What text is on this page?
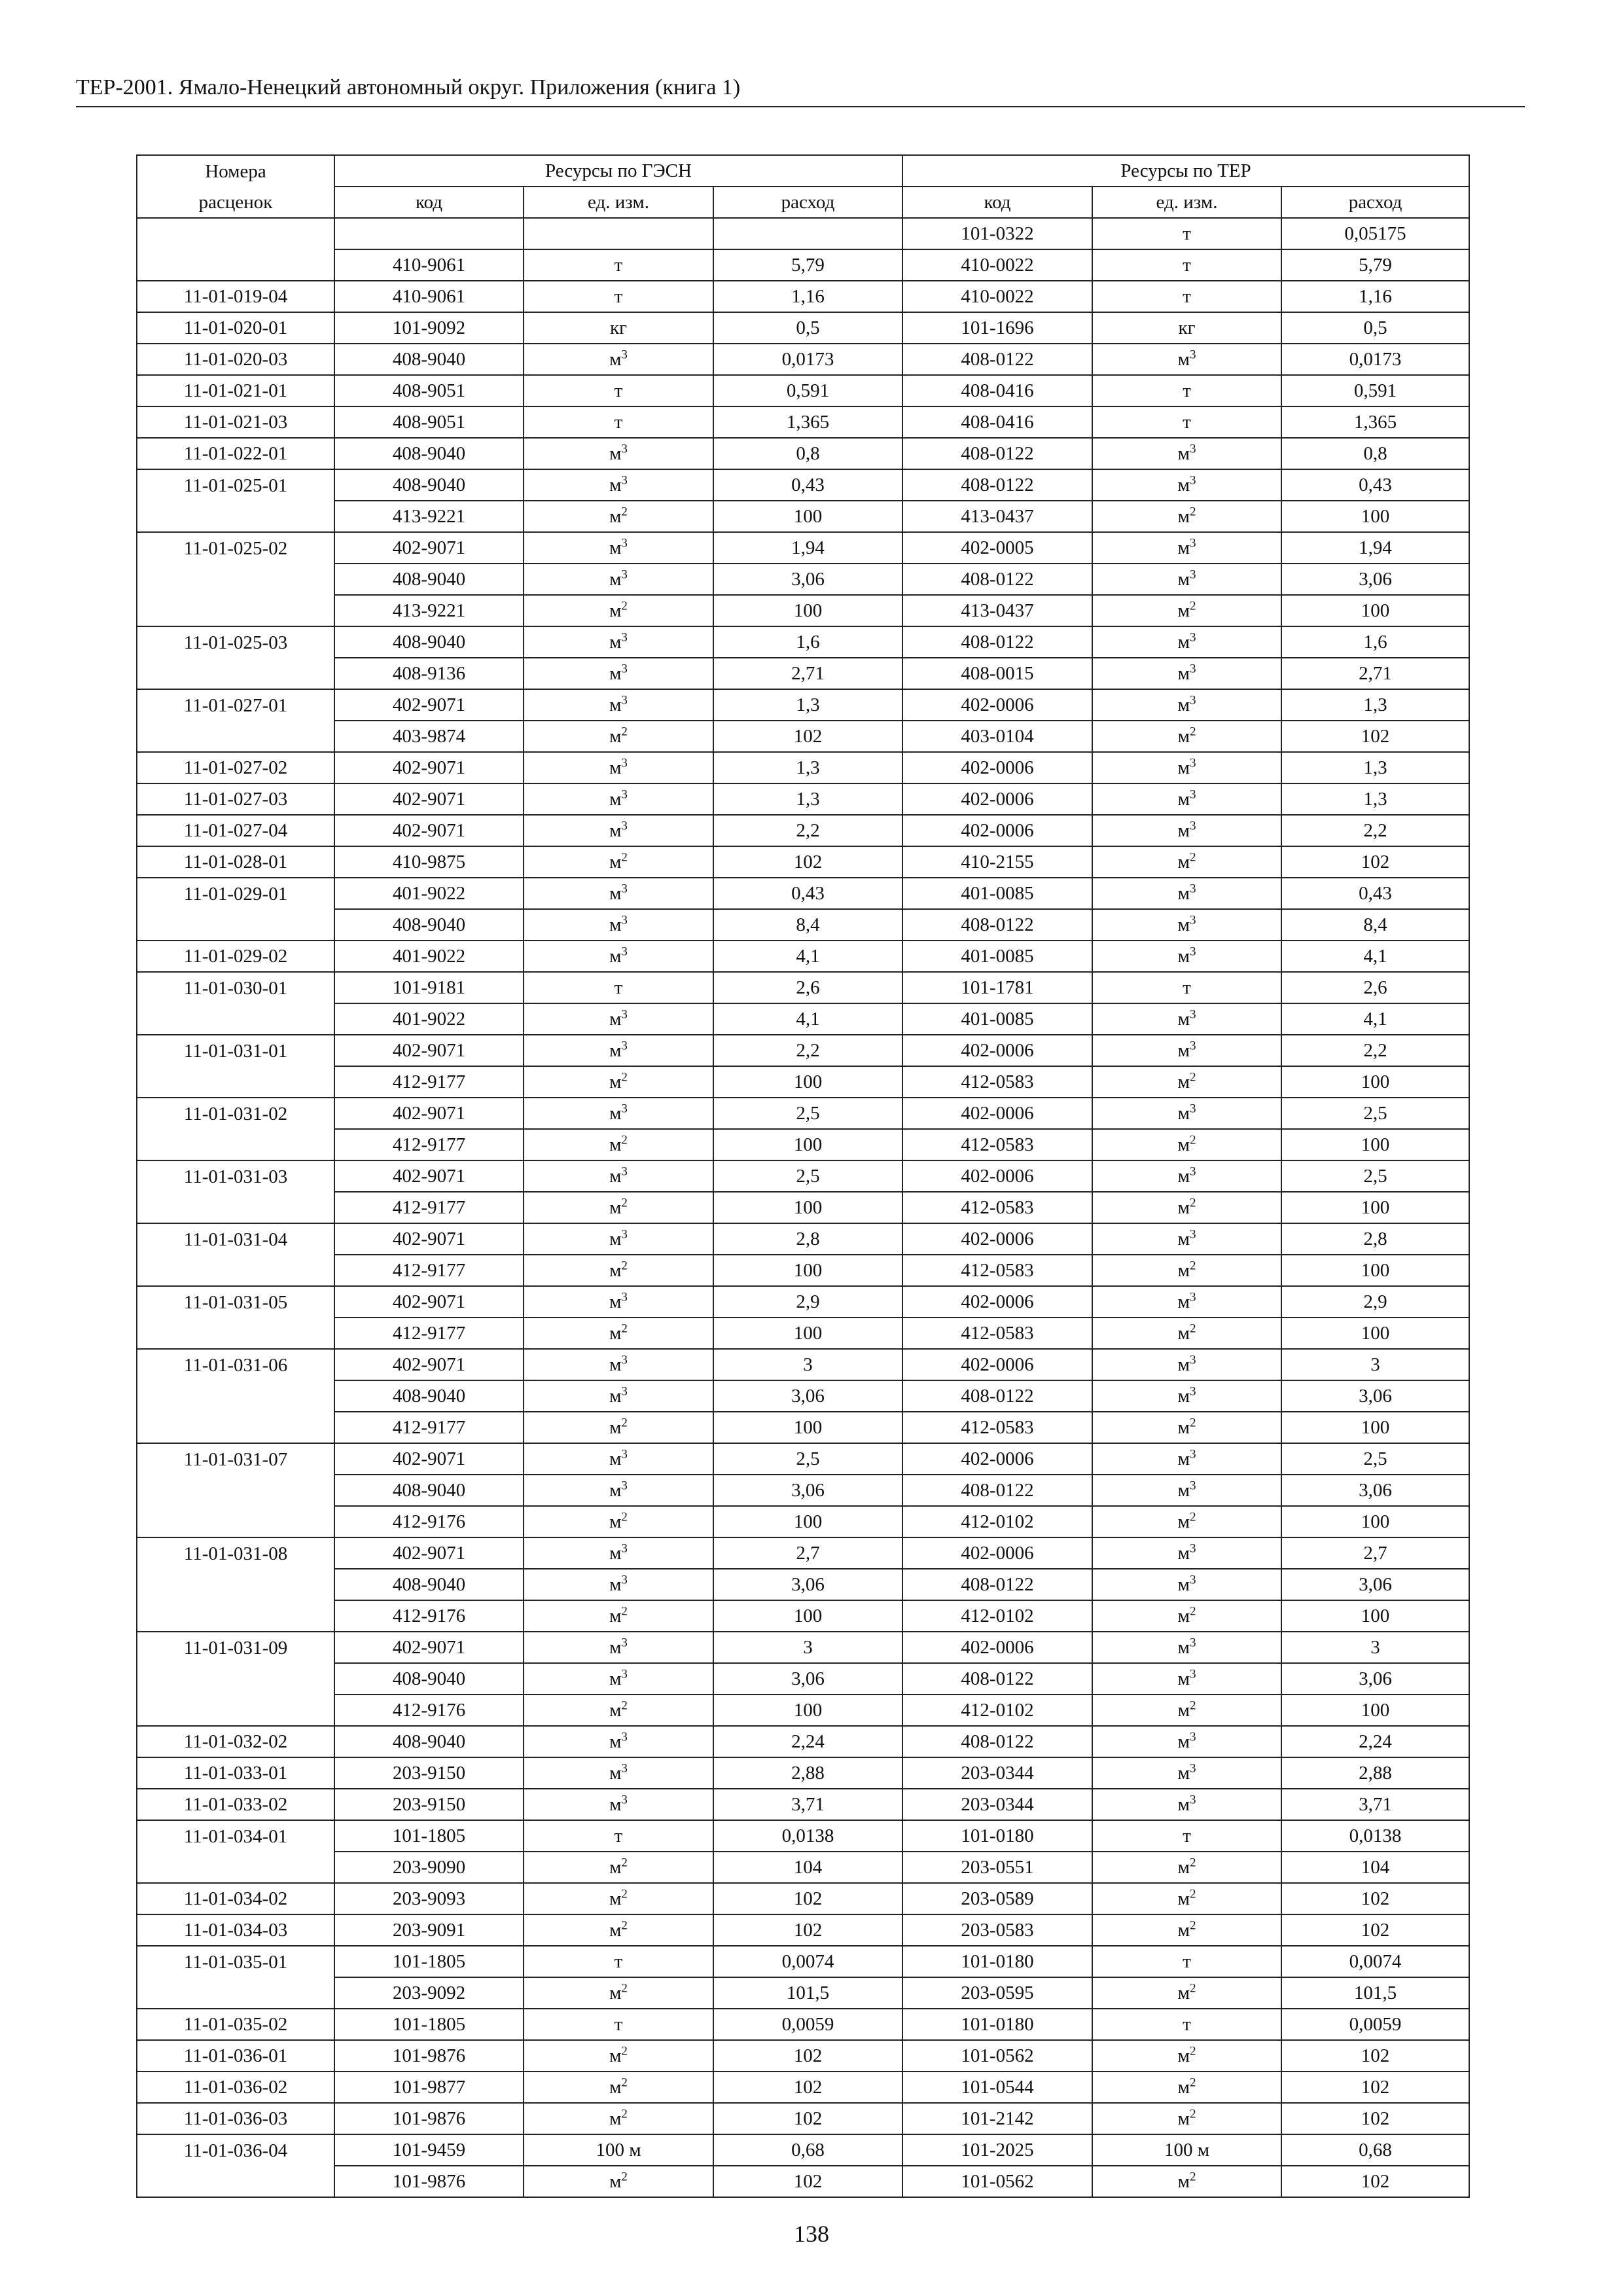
ТЕР-2001. Ямало-Ненецкий автономный округ. Приложения (книга 1)
Номера	Ресурсы по ГЭСН			Ресурсы по ТЕР		
расценок	код	ед. изм.	расход	код	ед. изм.	расход
				101-0322	т	0,05175
	410-9061	т	5,79	410-0022	т	5,79
11-01-019-04	410-9061	т	1,16	410-0022	т	1,16
11-01-020-01	101-9092	кг	0,5	101-1696	кг	0,5
11-01-020-03	408-9040	$м^3$	0,0173	408-0122	$м^3$	0,0173
11-01-021-01	408-9051	т	0,591	408-0416	т	0,591
11-01-021-03	408-9051	т	1,365	408-0416	т	1,365
11-01-022-01	408-9040	$м^3$	0,8	408-0122	$м^3$	0,8
11-01-025-01	408-9040	$м^3$	0,43	408-0122	$м^3$	0,43
	413-9221	$м^2$	100	413-0437	$м^2$	100
11-01-025-02	402-9071	$м^3$	1,94	402-0005	$м^3$	1,94
	408-9040	$м^3$	3,06	408-0122	$м^3$	3,06
	413-9221	$м^2$	100	413-0437	$м^2$	100
11-01-025-03	408-9040	$м^3$	1,6	408-0122	$м^3$	1,6
	408-9136	$м^3$	2,71	408-0015	$м^3$	2,71
11-01-027-01	402-9071	$м^3$	1,3	402-0006	$м^3$	1,3
	403-9874	$м^2$	102	403-0104	$м^2$	102
11-01-027-02	402-9071	$м^3$	1,3	402-0006	$м^3$	1,3
11-01-027-03	402-9071	$м^3$	1,3	402-0006	$м^3$	1,3
11-01-027-04	402-9071	$м^3$	2,2	402-0006	$м^3$	2,2
11-01-028-01	410-9875	$м^2$	102	410-2155	$м^2$	102
11-01-029-01	401-9022	$м^3$	0,43	401-0085	$м^3$	0,43
	408-9040	$м^3$	8,4	408-0122	$м^3$	8,4
11-01-029-02	401-9022	$м^3$	4,1	401-0085	$м^3$	4,1
11-01-030-01	101-9181	т	2,6	101-1781	т	2,6
	401-9022	$м^3$	4,1	401-0085	$м^3$	4,1
11-01-031-01	402-9071	$м^3$	2,2	402-0006	$м^3$	2,2
	412-9177	$м^2$	100	412-0583	$м^2$	100
11-01-031-02	402-9071	$м^3$	2,5	402-0006	$м^3$	2,5
	412-9177	$м^2$	100	412-0583	$м^2$	100
11-01-031-03	402-9071	$м^3$	2,5	402-0006	$м^3$	2,5
	412-9177	$м^2$	100	412-0583	$м^2$	100
11-01-031-04	402-9071	$м^3$	2,8	402-0006	$м^3$	2,8
	412-9177	$м^2$	100	412-0583	$м^2$	100
11-01-031-05	402-9071	$м^3$	2,9	402-0006	$м^3$	2,9
	412-9177	$м^2$	100	412-0583	$м^2$	100
11-01-031-06	402-9071	$м^3$	3	402-0006	$м^3$	3
	408-9040	$м^3$	3,06	408-0122	$м^3$	3,06
	412-9177	$м^2$	100	412-0583	$м^2$	100
11-01-031-07	402-9071	$м^3$	2,5	402-0006	$м^3$	2,5
	408-9040	$м^3$	3,06	408-0122	$м^3$	3,06
	412-9176	$м^2$	100	412-0102	$м^2$	100
11-01-031-08	402-9071	$м^3$	2,7	402-0006	$м^3$	2,7
	408-9040	$м^3$	3,06	408-0122	$м^3$	3,06
	412-9176	$м^2$	100	412-0102	$м^2$	100
11-01-031-09	402-9071	$м^3$	3	402-0006	$м^3$	3
	408-9040	$м^3$	3,06	408-0122	$м^3$	3,06
	412-9176	$м^2$	100	412-0102	$м^2$	100
11-01-032-02	408-9040	$м^3$	2,24	408-0122	$м^3$	2,24
11-01-033-01	203-9150	$м^3$	2,88	203-0344	$м^3$	2,88
11-01-033-02	203-9150	$м^3$	3,71	203-0344	$м^3$	3,71
11-01-034-01	101-1805	т	0,0138	101-0180	т	0,0138
	203-9090	$м^2$	104	203-0551	$м^2$	104
11-01-034-02	203-9093	$м^2$	102	203-0589	$м^2$	102
11-01-034-03	203-9091	$м^2$	102	203-0583	$м^2$	102
11-01-035-01	101-1805	т	0,0074	101-0180	т	0,0074
	203-9092	$м^2$	101,5	203-0595	$м^2$	101,5
11-01-035-02	101-1805	т	0,0059	101-0180	т	0,0059
11-01-036-01	101-9876	$м^2$	102	101-0562	$м^2$	102
11-01-036-02	101-9877	$м^2$	102	101-0544	$м^2$	102
11-01-036-03	101-9876	$м^2$	102	101-2142	$м^2$	102
11-01-036-04	101-9459	100 м	0,68	101-2025	100 м	0,68
	101-9876	$м^2$	102	101-0562	$м^2$	102
138
